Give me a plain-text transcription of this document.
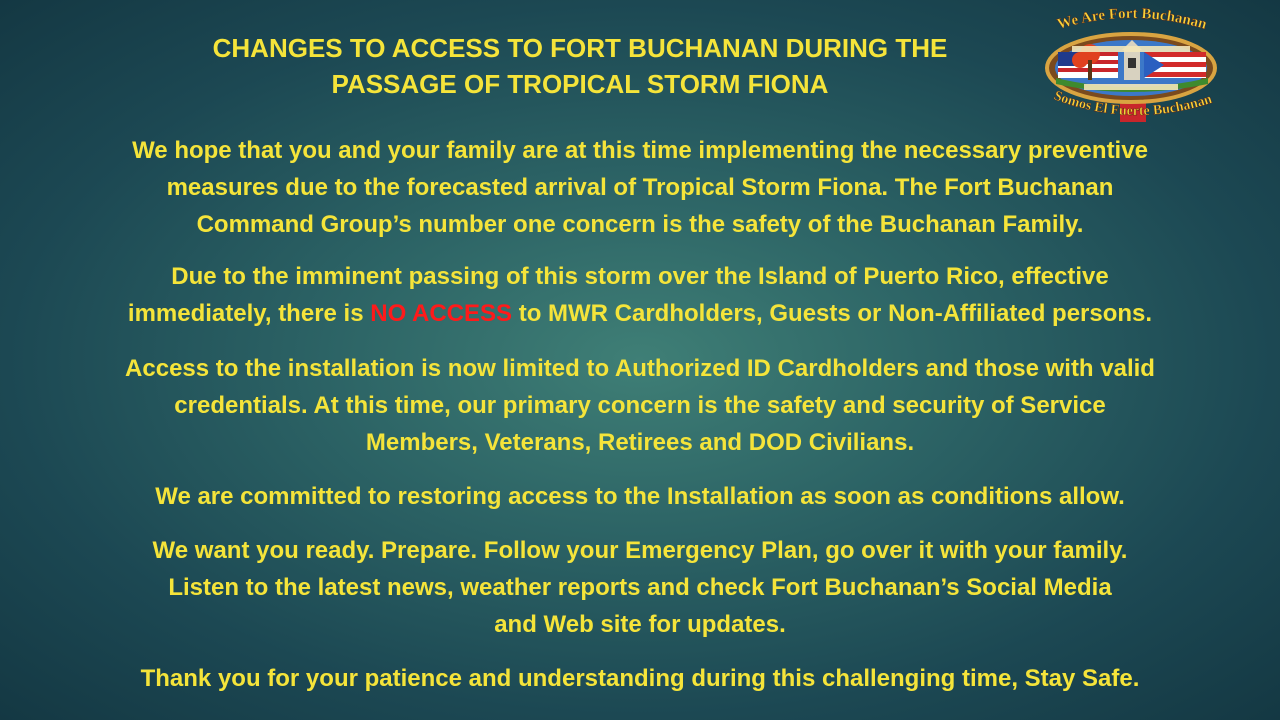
CHANGES TO ACCESS TO FORT BUCHANAN DURING THE
PASSAGE OF TROPICAL STORM FIONA
We Are Fort Buchanan
Somos El Fuerte Buchanan
We hope that you and your family are at this time implementing the necessary preventive
measures due to the forecasted arrival of Tropical Storm Fiona. The Fort Buchanan
Command Group’s number one concern is the safety of the Buchanan Family.
Due to the imminent passing of this storm over the Island of Puerto Rico, effective
immediately, there is NO ACCESS to MWR Cardholders, Guests or Non-Affiliated persons.
Access to the installation is now limited to Authorized ID Cardholders and those with valid
credentials. At this time, our primary concern is the safety and security of Service
Members, Veterans, Retirees and DOD Civilians.
We are committed to restoring access to the Installation as soon as conditions allow.
We want you ready. Prepare. Follow your Emergency Plan, go over it with your family.
Listen to the latest news, weather reports and check Fort Buchanan’s Social Media
and Web site for updates.
Thank you for your patience and understanding during this challenging time, Stay Safe.
